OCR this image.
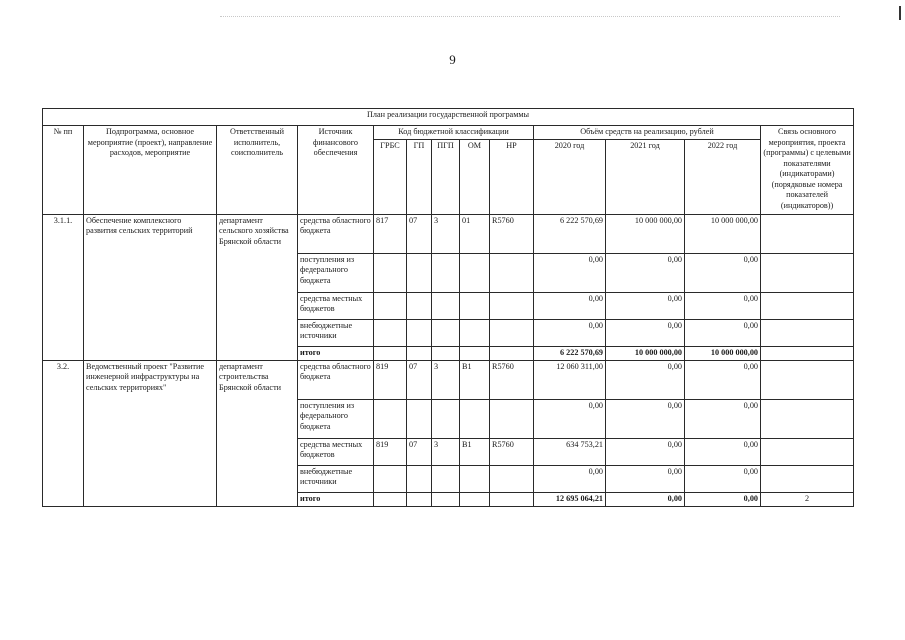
9
План реализации государственной программы												
№ пп	Подпрограмма, основное мероприятие (проект), направление расходов, мероприятие	Ответственный исполнитель, соисполнитель	Источник финансового обеспечения	Код бюджетной классификации					Объём средств на реализацию, рублей			Связь основного мероприятия, проекта (программы) с целевыми показателями (индикаторами) (порядковые номера показателей (индикаторов))
				ГРБС	ГП	ПГП	ОМ	НР	2020 год	2021 год	2022 год	
3.1.1.	Обеспечение комплексного развития сельских территорий	департамент сельского хозяйства Брянской области	средства областного бюджета	817	07	3	01	R5760	6 222 570,69	10 000 000,00	10 000 000,00	
			поступления из федерального бюджета						0,00	0,00	0,00	
			средства местных бюджетов						0,00	0,00	0,00	
			внебюджетные источники						0,00	0,00	0,00	
			итого						6 222 570,69	10 000 000,00	10 000 000,00	
3.2.	Ведомственный проект "Развитие инженерной инфраструктуры на сельских территориях"	департамент строительства Брянской области	средства областного бюджета	819	07	3	B1	R5760	12 060 311,00	0,00	0,00	
			поступления из федерального бюджета						0,00	0,00	0,00	
			средства местных бюджетов	819	07	3	B1	R5760	634 753,21	0,00	0,00	
			внебюджетные источники						0,00	0,00	0,00	
			итого						12 695 064,21	0,00	0,00	2
